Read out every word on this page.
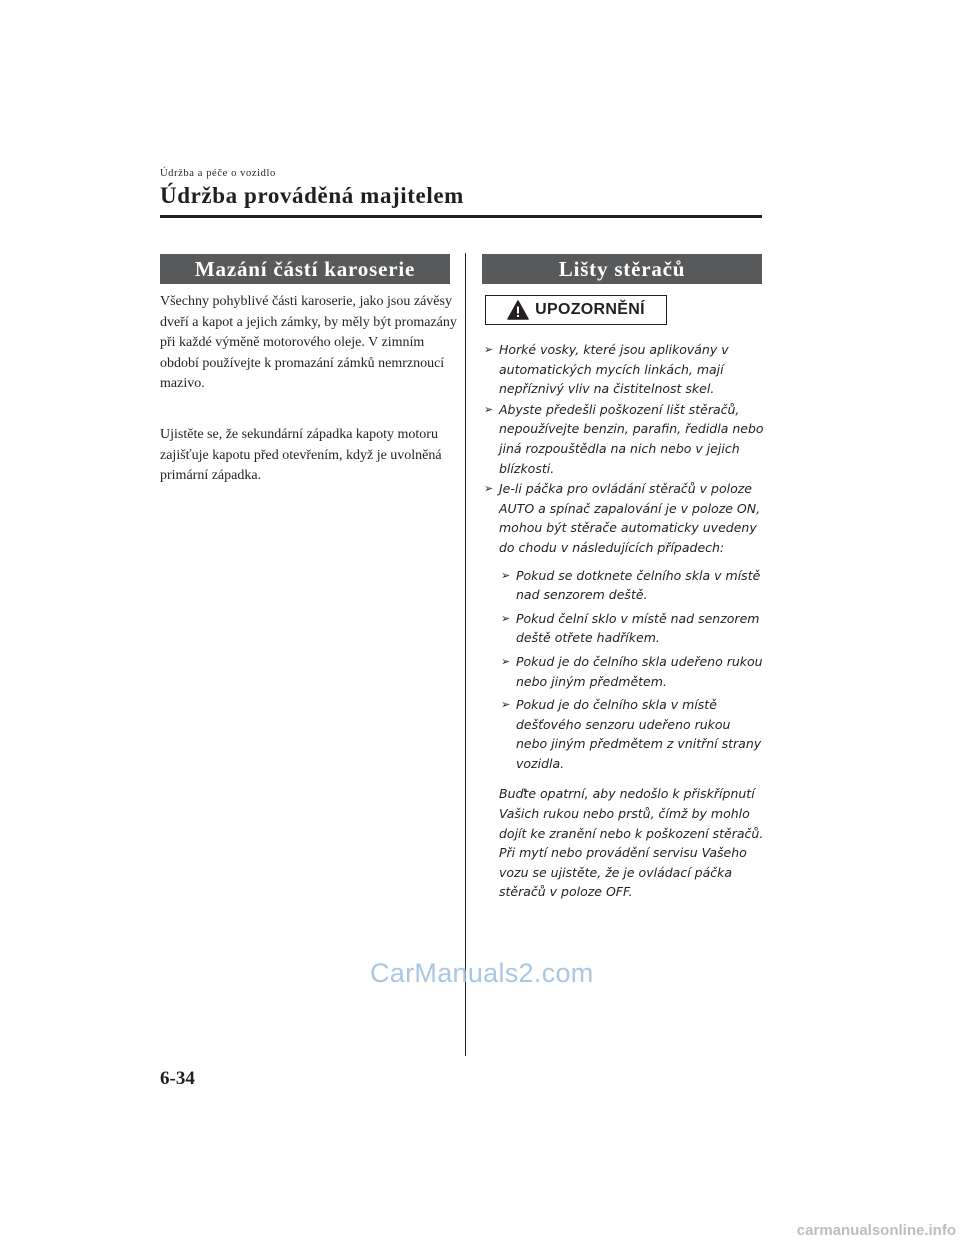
Údržba a péče o vozidlo
Údržba prováděná majitelem
Mazání částí karoserie

Všechny pohyblivé části karoserie, jako jsou závěsy dveří a kapot a jejich zámky, by měly být promazány při každé výměně motorového oleje. V zimním období používejte k promazání zámků nemrznoucí mazivo.

Ujistěte se, že sekundární západka kapoty motoru zajišťuje kapotu před otevřením, když je uvolněná primární západka.

Lišty stěračů
UPOZORNĚNÍ
➢ Horké vosky, které jsou aplikovány v automatických mycích linkách, mají nepříznivý vliv na čistitelnost skel.
➢ Abyste předešli poškození lišt stěračů, nepoužívejte benzin, parafin, ředidla nebo jiná rozpouštědla na nich nebo v jejich blízkosti.
➢ Je-li páčka pro ovládání stěračů v poloze AUTO a spínač zapalování je v poloze ON, mohou být stěrače automaticky uvedeny do chodu v následujících případech:
➢ Pokud se dotknete čelního skla v místě nad senzorem deště.
➢ Pokud čelní sklo v místě nad senzorem deště otřete hadříkem.
➢ Pokud je do čelního skla udeřeno rukou nebo jiným předmětem.
➢ Pokud je do čelního skla v místě dešťového senzoru udeřeno rukou nebo jiným předmětem z vnitřní strany vozidla.

Buďte opatrní, aby nedošlo k přiskřípnutí Vašich rukou nebo prstů, čímž by mohlo dojít ke zranění nebo k poškození stěračů. Při mytí nebo provádění servisu Vašeho vozu se ujistěte, že je ovládací páčka stěračů v poloze OFF.

CarManuals2.com
6-34
carmanualsonline.info
